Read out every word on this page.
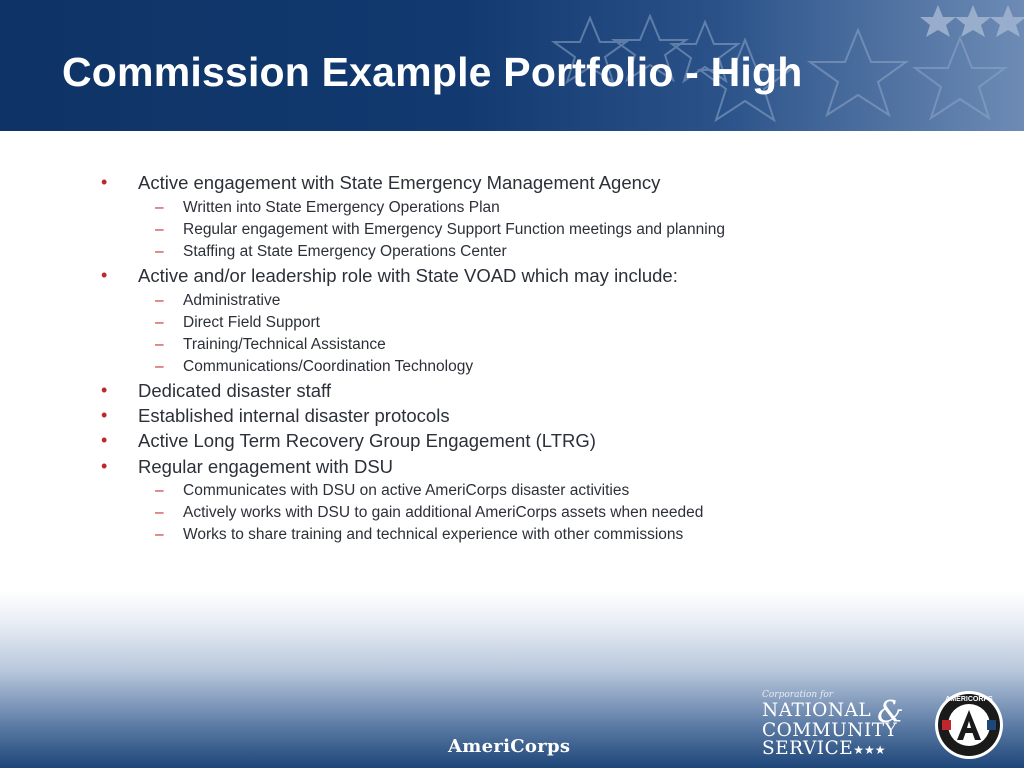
Commission Example Portfolio - High
• Active engagement with State Emergency Management Agency
– Written into State Emergency Operations Plan
– Regular engagement with Emergency Support Function meetings and planning
– Staffing at State Emergency Operations Center
• Active and/or leadership role with State VOAD which may include:
– Administrative
– Direct Field Support
– Training/Technical Assistance
– Communications/Coordination Technology
• Dedicated disaster staff
• Established internal disaster protocols
• Active Long Term Recovery Group Engagement (LTRG)
• Regular engagement with DSU
– Communicates with DSU on active AmeriCorps disaster activities
– Actively works with DSU to gain additional AmeriCorps assets when needed
– Works to share training and technical experience with other commissions
AmeriCorps
Corporation for
NATIONAL &
COMMUNITY
SERVICE★★★
AMERICORPS
